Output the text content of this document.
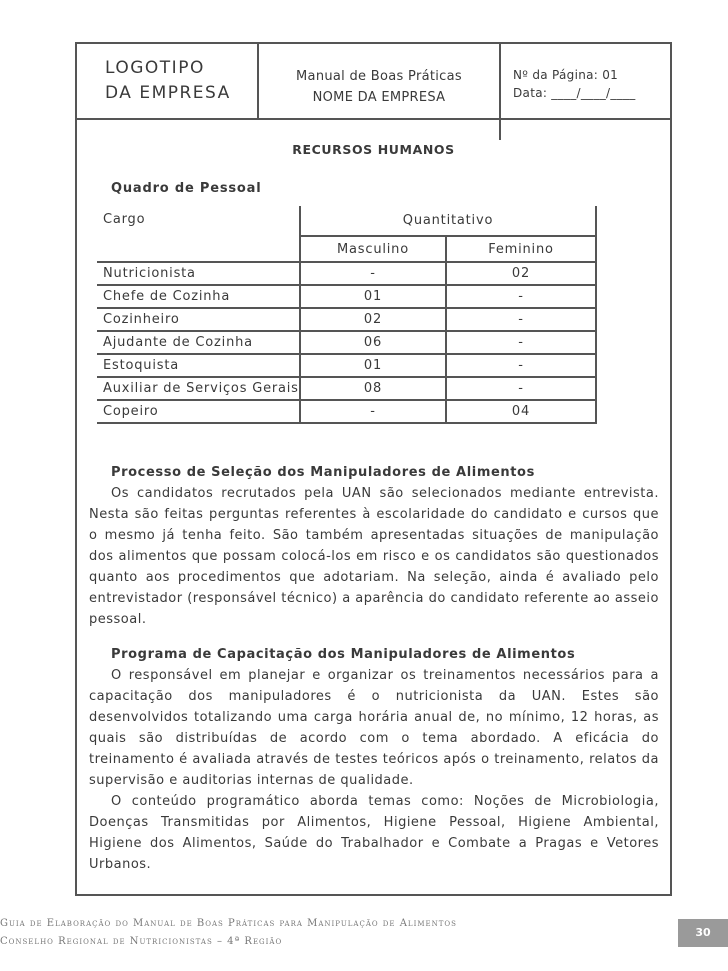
LOGOTIPO
DA EMPRESA
Manual de Boas Práticas
NOME DA EMPRESA
Nº da Página: 01
Data: ____/____/____
RECURSOS HUMANOS
Quadro de Pessoal
Cargo	Quantitativo	
	Masculino	Feminino
Nutricionista	-	02
Chefe de Cozinha	01	-
Cozinheiro	02	-
Ajudante de Cozinha	06	-
Estoquista	01	-
Auxiliar de Serviços Gerais	08	-
Copeiro	-	04

Processo de Seleção dos Manipuladores de Alimentos

Os candidatos recrutados pela UAN são selecionados mediante entrevista. Nesta são feitas perguntas referentes à escolaridade do candidato e cursos que o mesmo já tenha feito. São também apresentadas situações de manipulação dos alimentos que possam colocá-los em risco e os candidatos são questionados quanto aos procedimentos que adotariam. Na seleção, ainda é avaliado pelo entrevistador (responsável técnico) a aparência do candidato referente ao asseio pessoal.

Programa de Capacitação dos Manipuladores de Alimentos

O responsável em planejar e organizar os treinamentos necessários para a capacitação dos manipuladores é o nutricionista da UAN. Estes são desenvolvidos totalizando uma carga horária anual de, no mínimo, 12 horas, as quais são distribuídas de acordo com o tema abordado. A eficácia do treinamento é avaliada através de testes teóricos após o treinamento, relatos da supervisão e auditorias internas de qualidade.

O conteúdo programático aborda temas como: Noções de Microbiologia, Doenças Transmitidas por Alimentos, Higiene Pessoal, Higiene Ambiental, Higiene dos Alimentos, Saúde do Trabalhador e Combate a Pragas e Vetores Urbanos.

Guia de Elaboração do Manual de Boas Práticas para Manipulação de Alimentos
Conselho Regional de Nutricionistas – 4ª Região
30
